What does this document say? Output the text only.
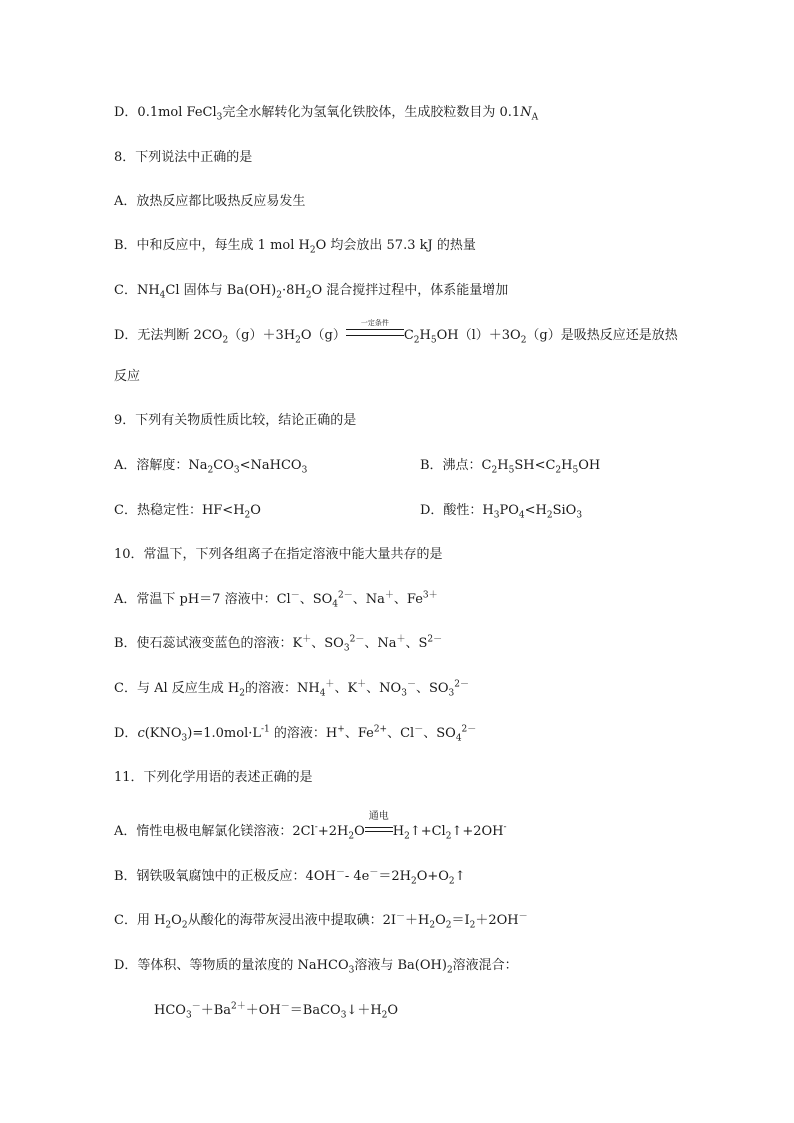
D．0.1mol FeCl$_3$完全水解转化为氢氧化铁胶体，生成胶粒数目为 $0.1N_A$
8．下列说法中正确的是
A．放热反应都比吸热反应易发生
B．中和反应中，每生成 1 mol $H_2O$ 均会放出 57.3 kJ 的热量
C．$NH_4Cl$ 固体与 $Ba(OH)_2\cdot 8H_2O$ 混合搅拌过程中，体系能量增加
D．无法判断 $2CO_2(g)+3H_2O(g)$
一定条件
$C_2H_5OH(l)+3O_2(g)$是吸热反应还是放热
反应
9．下列有关物质性质比较，结论正确的是
A．溶解度：$Na_2CO_3<NaHCO_3$	B．沸点：$C_2H_5SH<C_2H_5OH$
C．热稳定性：$HF<H_2O$	D．酸性：$H_3PO_4<H_2SiO_3$
10．常温下，下列各组离子在指定溶液中能大量共存的是
A．常温下 pH＝7 溶液中：Cl－、$SO_4^{2-}$、Na＋、$Fe^{3+}$
B．使石蕊试液变蓝色的溶液：K＋、$SO_3^{2-}$、Na＋、$S^{2-}$
C．与 Al 反应生成 $H_2$的溶液：$NH_4^+$、K＋、$NO_3^-$、$SO_3^{2-}$
D．$c(KNO_3)=1.0mol\cdot L^{-1}$ 的溶液：H+、$Fe^{2+}$、Cl－、$SO_4^{2-}$
11．下列化学用语的表述正确的是
A．惰性电极电解氯化镁溶液：$2Cl^-+2H_2O$
通电
$H_2↑+Cl_2↑+2OH^-$
B．钢铁吸氧腐蚀中的正极反应：4OH－- $4e^-=2H_2O+O_2↑$
C．用 $H_2O_2$从酸化的海带灰浸出液中提取碘：$2I^-+H_2O_2=I_2+2OH^-$
D．等体积、等物质的量浓度的 NaHCO$_3$溶液与 $Ba(OH)_2$溶液混合：
$HCO_3^-+Ba^{2+}+OH^-=BaCO_3↓+H_2O$
